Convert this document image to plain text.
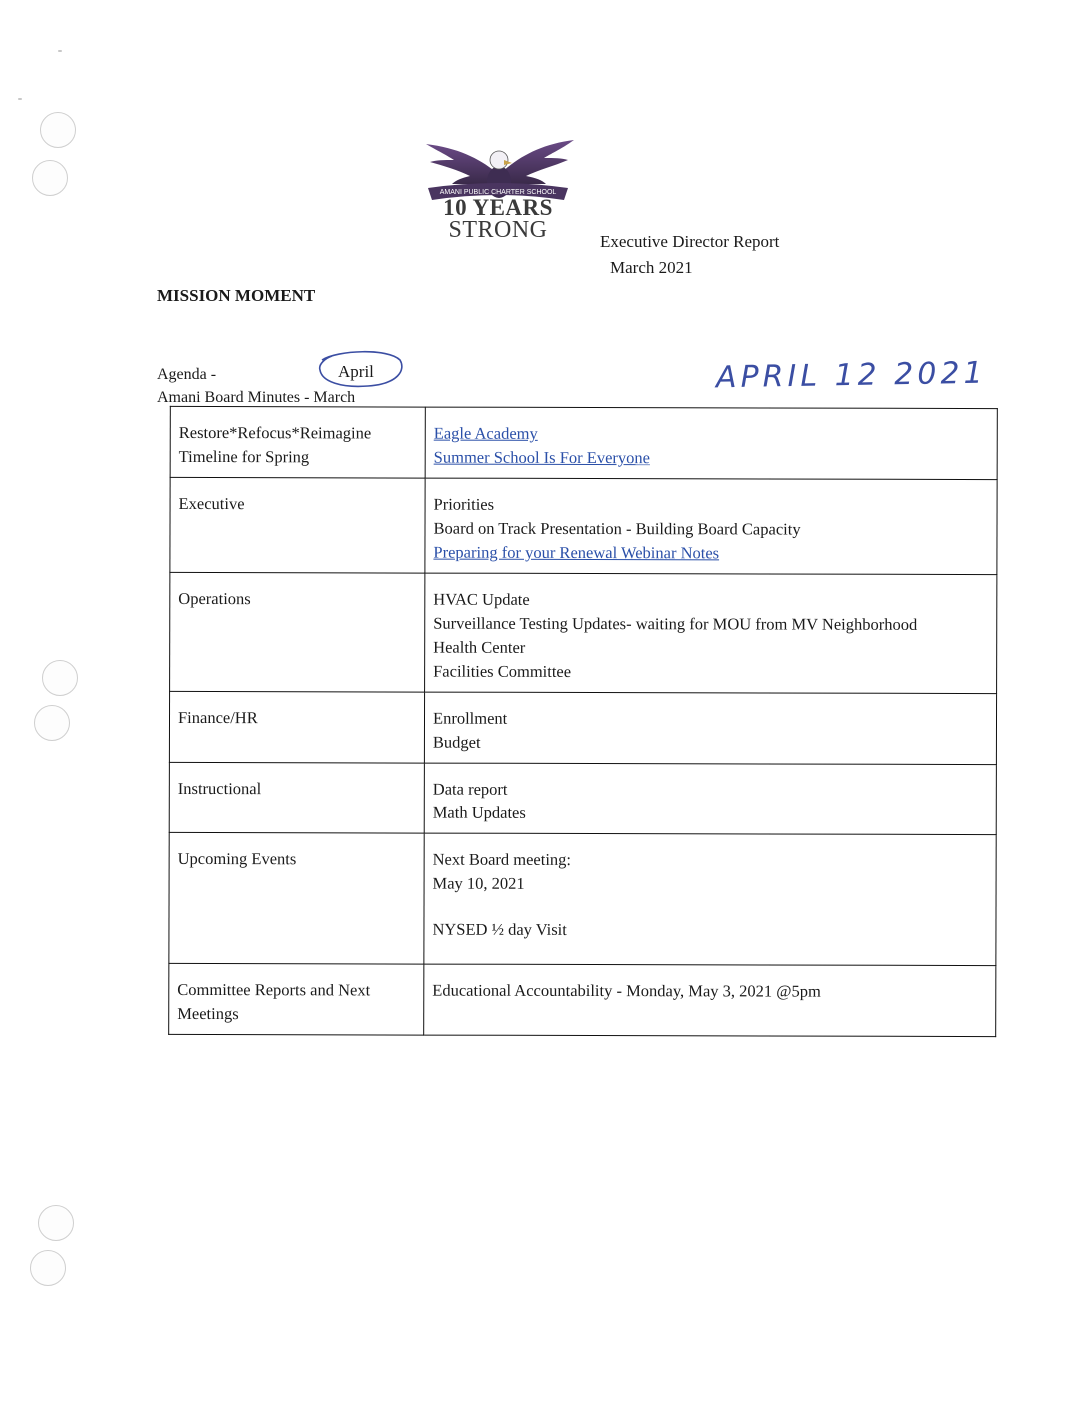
AMANI PUBLIC CHARTER SCHOOL
10 YEARS
STRONG	Executive Director Report
March 2021
MISSION MOMENT
Agenda -	April
Amani Board Minutes - March
APRIL 12 2021
Restore*Refocus*Reimagine
Timeline for Spring	Eagle Academy
Summer School Is For Everyone

Executive	Priorities
Board on Track Presentation - Building Board Capacity
Preparing for your Renewal Webinar Notes

Operations	HVAC Update
Surveillance Testing Updates- waiting for MOU from MV Neighborhood
Health Center
Facilities Committee

Finance/HR	Enrollment
Budget

Instructional	Data report
Math Updates

Upcoming Events	Next Board meeting:
May 10, 2021
NYSED ½ day Visit

Committee Reports and Next
Meetings	Educational Accountability - Monday, May 3, 2021 @5pm
